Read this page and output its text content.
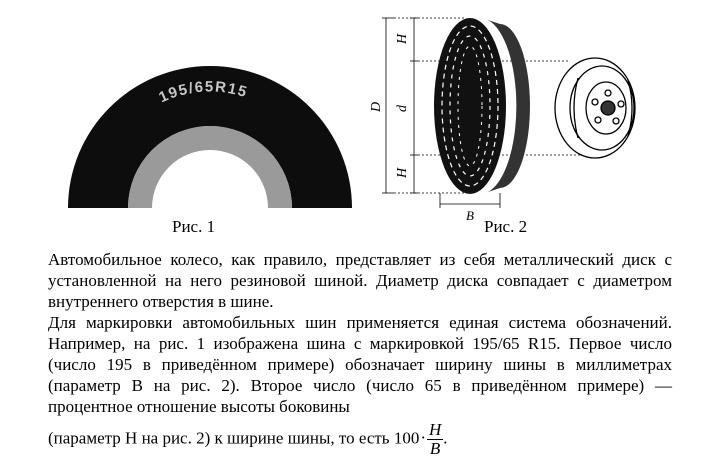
195/65R15
H
H
d
D
B
Рис. 1	Рис. 2

Автомобильное колесо, как правило, представляет из себя металлический диск с установленной на него резиновой шиной. Диаметр диска совпадает с диаметром внутреннего отверстия в шине.

Для маркировки автомобильных шин применяется единая система обозначений. Например, на рис. 1 изображена шина с маркировкой 195/65 R15. Первое число (число 195 в приведённом примере) обозначает ширину шины в миллиметрах (параметр B на рис. 2). Второе число (число 65 в приведённом примере) — процентное отношение высоты боковины

(параметр H на рис. 2) к ширине шины, то есть $100\cdot \frac{H}{B}$ .
